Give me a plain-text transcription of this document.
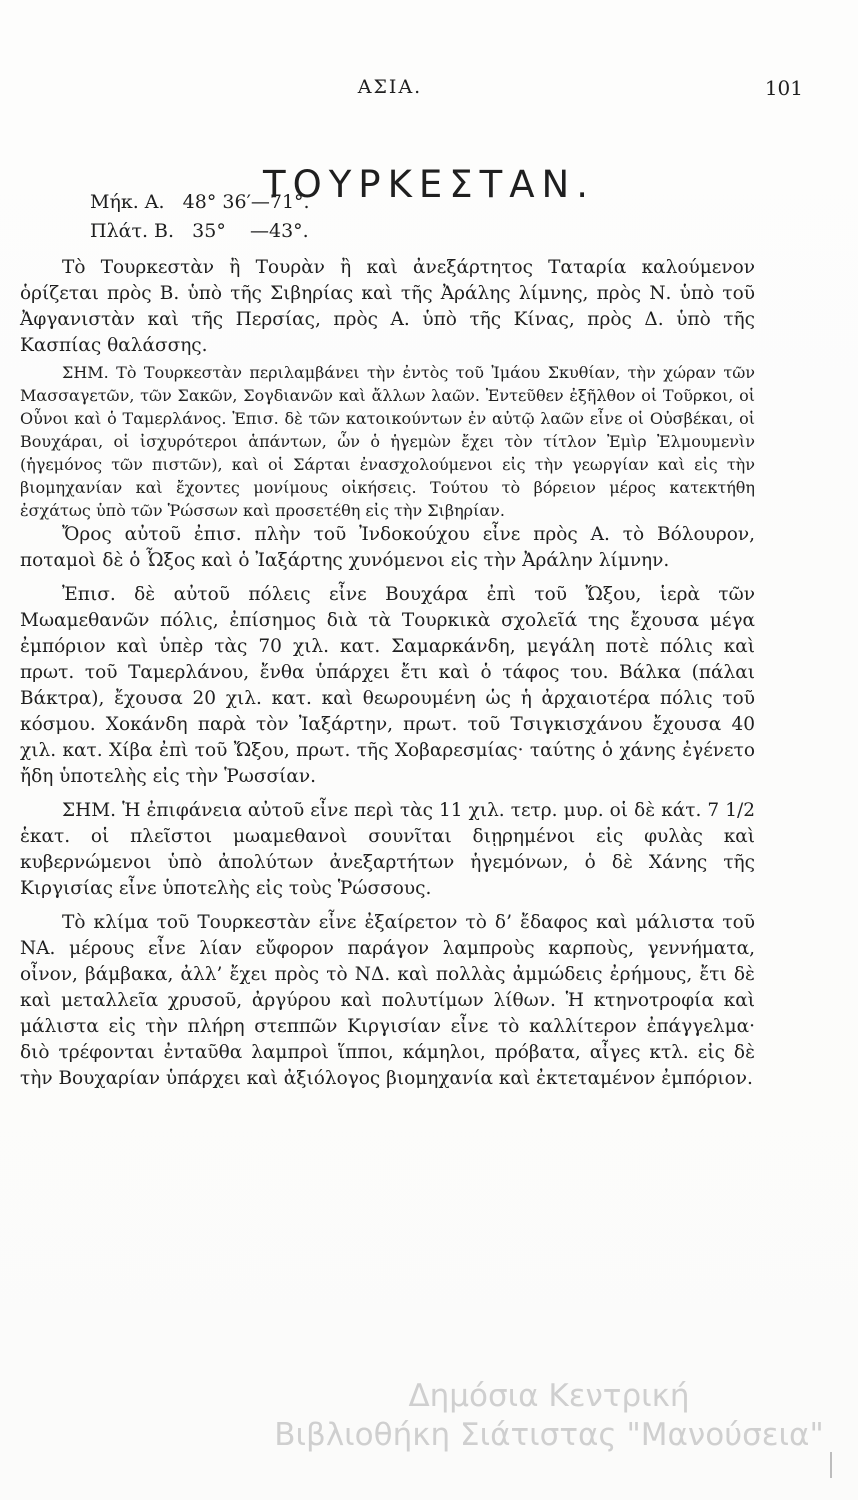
ΑΣΙΑ.	101
ΤΟΥΡΚΕΣΤΑΝ.
Μήκ. Α.   48° 36′—71°.
Πλάτ. Β.   35°    —43°.

Τὸ Τουρκεστὰν ἢ Τουρὰν ἢ καὶ ἀνεξάρτητος Ταταρία καλούμενον ὁρίζεται πρὸς Β. ὑπὸ τῆς Σιβηρίας καὶ τῆς Ἀράλης λίμνης, πρὸς Ν. ὑπὸ τοῦ Ἀφγανιστὰν καὶ τῆς Περσίας, πρὸς Α. ὑπὸ τῆς Κίνας, πρὸς Δ. ὑπὸ τῆς Κασπίας θαλάσσης.

ΣΗΜ. Τὸ Τουρκεστὰν περιλαμβάνει τὴν ἐντὸς τοῦ Ἰμάου Σκυθίαν, τὴν χώραν τῶν Μασσαγετῶν, τῶν Σακῶν, Σογδιανῶν καὶ ἄλλων λαῶν. Ἐντεῦθεν ἐξῆλθον οἱ Τοῦρκοι, οἱ Οὖνοι καὶ ὁ Ταμερλάνος. Ἐπισ. δὲ τῶν κατοικούντων ἐν αὐτῷ λαῶν εἶνε οἱ Οὐσβέκαι, οἱ Βουχάραι, οἱ ἰσχυρότεροι ἁπάντων, ὧν ὁ ἡγεμὼν ἔχει τὸν τίτλον Ἐμὶρ Ἐλμουμενὶν (ἡγεμόνος τῶν πιστῶν), καὶ οἱ Σάρται ἐνασχολούμενοι εἰς τὴν γεωργίαν καὶ εἰς τὴν βιομηχανίαν καὶ ἔχοντες μονίμους οἰκήσεις. Τούτου τὸ βόρειον μέρος κατεκτήθη ἐσχάτως ὑπὸ τῶν Ῥώσσων καὶ προσετέθη εἰς τὴν Σιβηρίαν.

Ὄρος αὐτοῦ ἐπισ. πλὴν τοῦ Ἰνδοκούχου εἶνε πρὸς Α. τὸ Βόλουρον, ποταμοὶ δὲ ὁ Ὦξος καὶ ὁ Ἰαξάρτης χυνόμενοι εἰς τὴν Ἀράλην λίμνην.

Ἐπισ. δὲ αὐτοῦ πόλεις εἶνε Βουχάρα ἐπὶ τοῦ Ὤξου, ἱερὰ τῶν Μωαμεθανῶν πόλις, ἐπίσημος διὰ τὰ Τουρκικὰ σχολεῖά της ἔχουσα μέγα ἐμπόριον καὶ ὑπὲρ τὰς 70 χιλ. κατ. Σαμαρκάνδη, μεγάλη ποτὲ πόλις καὶ πρωτ. τοῦ Ταμερλάνου, ἔνθα ὑπάρχει ἔτι καὶ ὁ τάφος του. Βάλκα (πάλαι Βάκτρα), ἔχουσα 20 χιλ. κατ. καὶ θεωρουμένη ὡς ἡ ἀρχαιοτέρα πόλις τοῦ κόσμου. Χοκάνδη παρὰ τὸν Ἰαξάρτην, πρωτ. τοῦ Τσιγκισχάνου ἔχουσα 40 χιλ. κατ. Χίβα ἐπὶ τοῦ Ὤξου, πρωτ. τῆς Χοβαρεσμίας· ταύτης ὁ χάνης ἐγένετο ἤδη ὑποτελὴς εἰς τὴν Ῥωσσίαν.

ΣΗΜ. Ἡ ἐπιφάνεια αὐτοῦ εἶνε περὶ τὰς 11 χιλ. τετρ. μυρ. οἱ δὲ κάτ. 7 1/2 ἑκατ. οἱ πλεῖστοι μωαμεθανοὶ σουνῖται διῃρημένοι εἰς φυλὰς καὶ κυβερνώμενοι ὑπὸ ἀπολύτων ἀνεξαρτήτων ἡγεμόνων, ὁ δὲ Χάνης τῆς Κιργισίας εἶνε ὑποτελὴς εἰς τοὺς Ῥώσσους.

Τὸ κλίμα τοῦ Τουρκεστὰν εἶνε ἐξαίρετον τὸ δ’ ἔδαφος καὶ μάλιστα τοῦ ΝΑ. μέρους εἶνε λίαν εὔφορον παράγον λαμπροὺς καρποὺς, γεννήματα, οἶνον, βάμβακα, ἀλλ’ ἔχει πρὸς τὸ ΝΔ. καὶ πολλὰς ἀμμώδεις ἐρήμους, ἔτι δὲ καὶ μεταλλεῖα χρυσοῦ, ἀργύρου καὶ πολυτίμων λίθων. Ἡ κτηνοτροφία καὶ μάλιστα εἰς τὴν πλήρη στεππῶν Κιργισίαν εἶνε τὸ καλλίτερον ἐπάγγελμα· διὸ τρέφονται ἐνταῦθα λαμπροὶ ἵπποι, κάμηλοι, πρόβατα, αἶγες κτλ. εἰς δὲ τὴν Βουχαρίαν ὑπάρχει καὶ ἀξιόλογος βιομηχανία καὶ ἐκτεταμένον ἐμπόριον.

Δημόσια Κεντρική
Βιβλιοθήκη Σιάτιστας "Μανούσεια"
